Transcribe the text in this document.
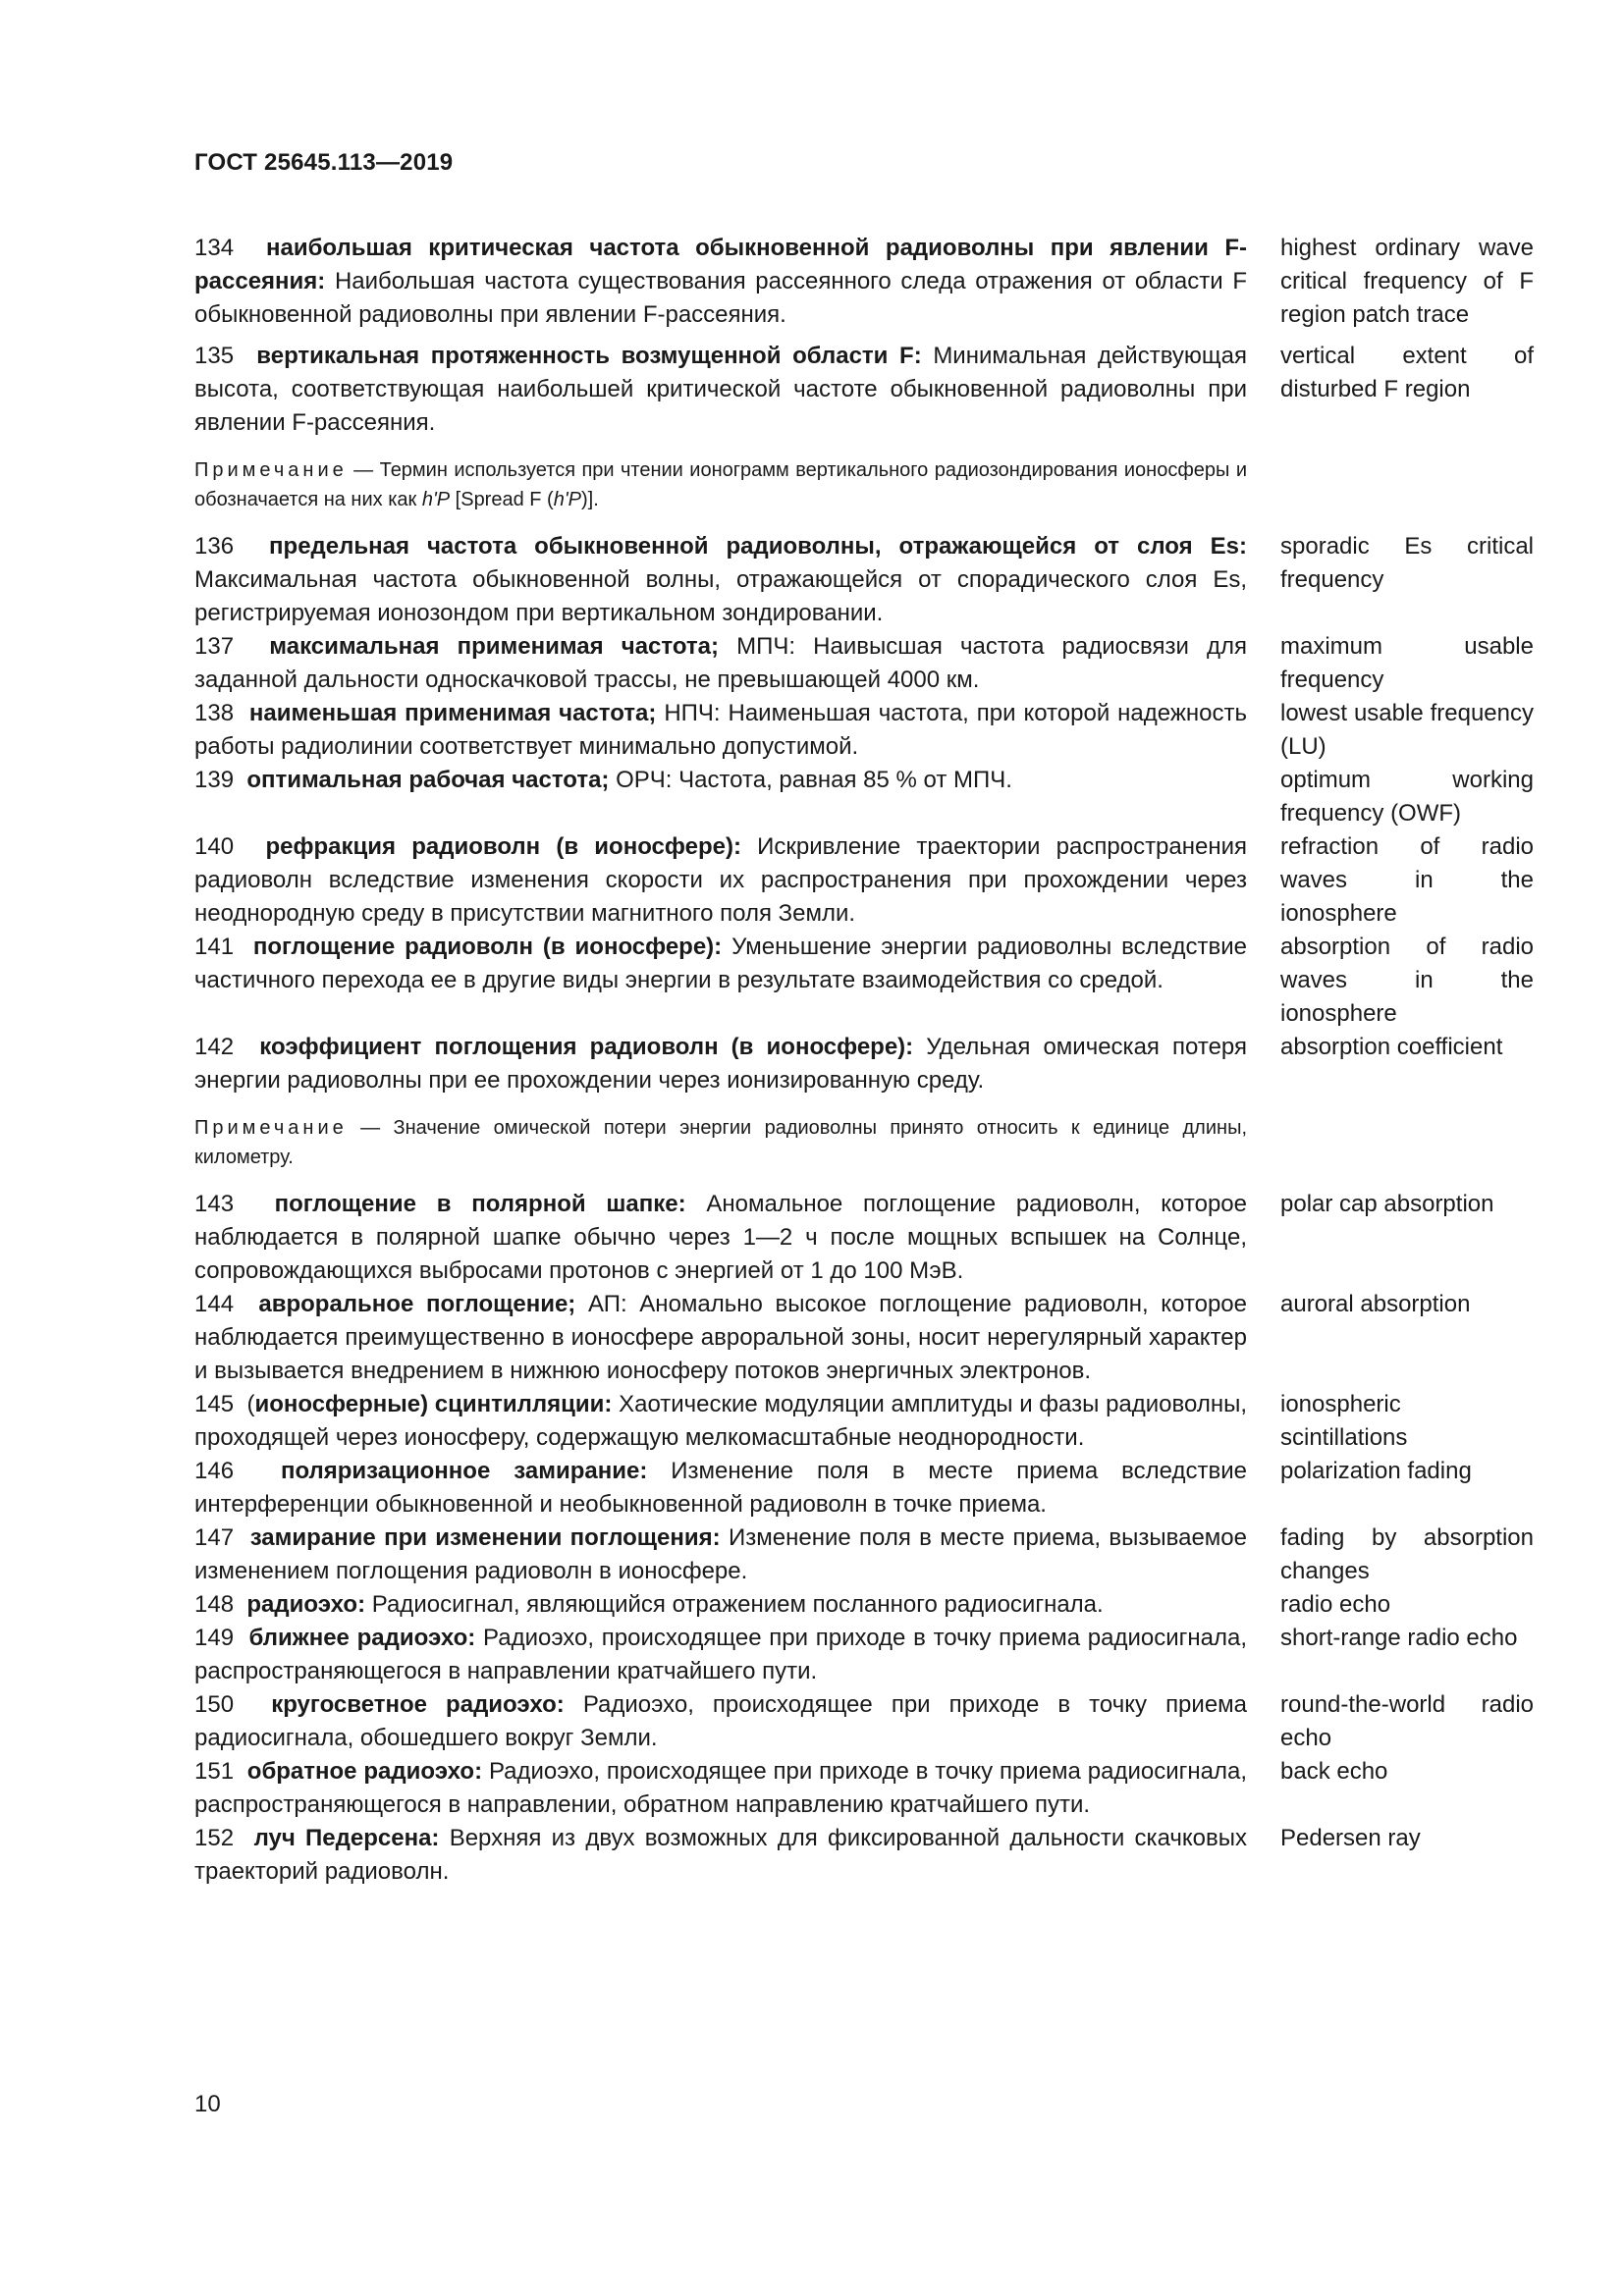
ГОСТ 25645.113—2019
134 наибольшая критическая частота обыкновенной радиоволны при явлении F-рассеяния: Наибольшая частота существования рассеянного следа отражения от области F обыкновенной радиоволны при явлении F-рассеяния.
highest ordinary wave critical frequency of F region patch trace
135 вертикальная протяженность возмущенной области F: Минимальная действующая высота, соответствующая наибольшей критической частоте обыкновенной радиоволны при явлении F-рассеяния.
vertical extent of disturbed F region
Примечание — Термин используется при чтении ионограмм вертикального радиозондирования ионосферы и обозначается на них как h'P [Spread F (h'P)].
136 предельная частота обыкновенной радиоволны, отражающейся от слоя Es: Максимальная частота обыкновенной волны, отражающейся от спорадического слоя Es, регистрируемая ионозондом при вертикальном зондировании.
sporadic Es critical frequency
137 максимальная применимая частота; МПЧ: Наивысшая частота радиосвязи для заданной дальности односкачковой трассы, не превышающей 4000 км.
maximum usable frequency
138 наименьшая применимая частота; НПЧ: Наименьшая частота, при которой надежность работы радиолинии соответствует минимально допустимой.
lowest usable frequency (LU)
139 оптимальная рабочая частота; ОРЧ: Частота, равная 85 % от МПЧ.	optimum working frequency (OWF)
140 рефракция радиоволн (в ионосфере): Искривление траектории распространения радиоволн вследствие изменения скорости их распространения при прохождении через неоднородную среду в присутствии магнитного поля Земли.
refraction of radio waves in the ionosphere
141 поглощение радиоволн (в ионосфере): Уменьшение энергии радиоволны вследствие частичного перехода ее в другие виды энергии в результате взаимодействия со средой.
absorption of radio waves in the ionosphere
142 коэффициент поглощения радиоволн (в ионосфере): Удельная омическая потеря энергии радиоволны при ее прохождении через ионизированную среду.
absorption coefficient
Примечание — Значение омической потери энергии радиоволны принято относить к единице длины, километру.
143 поглощение в полярной шапке: Аномальное поглощение радиоволн, которое наблюдается в полярной шапке обычно через 1—2 ч после мощных вспышек на Солнце, сопровождающихся выбросами протонов с энергией от 1 до 100 МэВ.
polar cap absorption
144 авроральное поглощение; АП: Аномально высокое поглощение радиоволн, которое наблюдается преимущественно в ионосфере авроральной зоны, носит нерегулярный характер и вызывается внедрением в нижнюю ионосферу потоков энергичных электронов.
auroral absorption
145 (ионосферные) сцинтилляции: Хаотические модуляции амплитуды и фазы радиоволны, проходящей через ионосферу, содержащую мелкомасштабные неоднородности.
ionospheric scintillations
146 поляризационное замирание: Изменение поля в месте приема вследствие интерференции обыкновенной и необыкновенной радиоволн в точке приема.
polarization fading
147 замирание при изменении поглощения: Изменение поля в месте приема, вызываемое изменением поглощения радиоволн в ионосфере.
fading by absorption changes
148 радиоэхо: Радиосигнал, являющийся отражением посланного радиосигнала.	radio echo
149 ближнее радиоэхо: Радиоэхо, происходящее при приходе в точку приема радиосигнала, распространяющегося в направлении кратчайшего пути.
short-range radio echo
150 кругосветное радиоэхо: Радиоэхо, происходящее при приходе в точку приема радиосигнала, обошедшего вокруг Земли.
round-the-world radio echo
151 обратное радиоэхо: Радиоэхо, происходящее при приходе в точку приема радиосигнала, распространяющегося в направлении, обратном направлению кратчайшего пути.
back echo
152 луч Педерсена: Верхняя из двух возможных для фиксированной дальности скачковых траекторий радиоволн.
Pedersen ray
10
